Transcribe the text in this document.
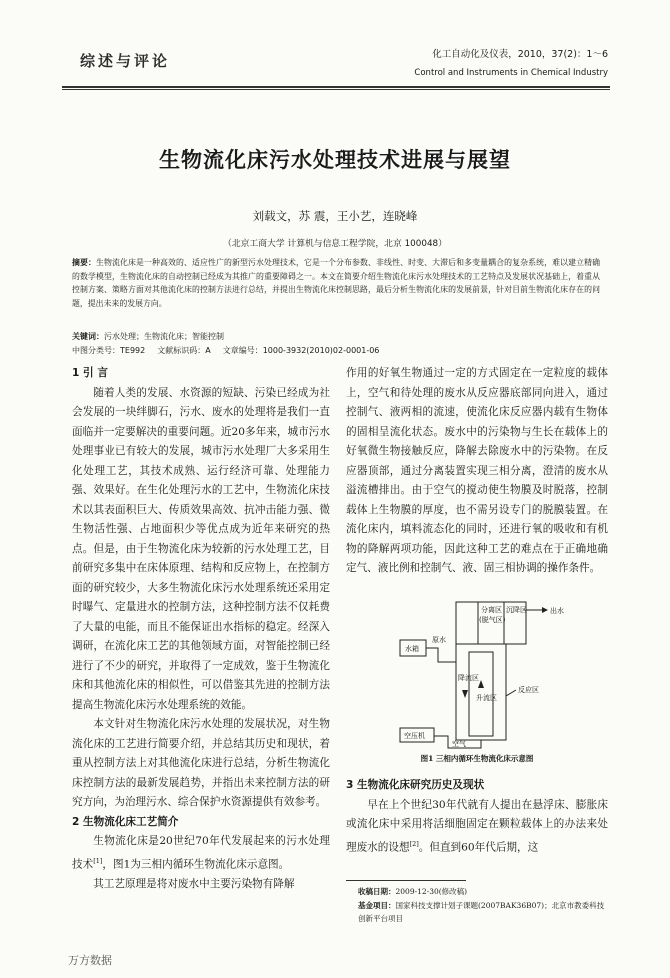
综述与评论	化工自动化及仪表，2010，37(2)：1～6
Control and Instruments in Chemical Industry
生物流化床污水处理技术进展与展望
刘载文，苏 震，王小艺，连晓峰
（北京工商大学 计算机与信息工程学院，北京 100048）
摘要：生物流化床是一种高效的、适应性广的新型污水处理技术，它是一个分布参数、非线性、时变、大滞后和多变量耦合的复杂系统，难以建立精确的数学模型，生物流化床的自动控制已经成为其推广的重要障碍之一。本文在简要介绍生物流化床污水处理技术的工艺特点及发展状况基础上，着重从控制方案、策略方面对其他流化床的控制方法进行总结，并提出生物流化床控制思路，最后分析生物流化床的发展前景，针对目前生物流化床存在的问题，提出未来的发展方向。
关键词：污水处理；生物流化床；智能控制
中图分类号：TE992 文献标识码：A 文章编号：1000-3932(2010)02-0001-06
1 引 言

随着人类的发展、水资源的短缺、污染已经成为社会发展的一块绊脚石，污水、废水的处理将是我们一直面临并一定要解决的重要问题。近20多年来，城市污水处理事业已有较大的发展，城市污水处理厂大多采用生化处理工艺，其技术成熟、运行经济可靠、处理能力强、效果好。在生化处理污水的工艺中，生物流化床技术以其表面积巨大、传质效果高效、抗冲击能力强、微生物活性强、占地面积少等优点成为近年来研究的热点。但是，由于生物流化床为较新的污水处理工艺，目前研究多集中在床体原理、结构和反应物上，在控制方面的研究较少，大多生物流化床污水处理系统还采用定时曝气、定量进水的控制方法，这种控制方法不仅耗费了大量的电能，而且不能保证出水指标的稳定。经深入调研，在流化床工艺的其他领域方面，对智能控制已经进行了不少的研究，并取得了一定成效，鉴于生物流化床和其他流化床的相似性，可以借鉴其先进的控制方法提高生物流化床污水处理系统的效能。

本文针对生物流化床污水处理的发展状况，对生物流化床的工艺进行简要介绍，并总结其历史和现状，着重从控制方法上对其他流化床进行总结，分析生物流化床控制方法的最新发展趋势，并指出未来控制方法的研究方向，为治理污水、综合保护水资源提供有效参考。

2 生物流化床工艺简介

生物流化床是20世纪70年代发展起来的污水处理技术[1]，图1为三相内循环生物流化床示意图。

其工艺原理是将对废水中主要污染物有降解

作用的好氧生物通过一定的方式固定在一定粒度的载体上，空气和待处理的废水从反应器底部同向进入，通过控制气、液两相的流速，使流化床反应器内载有生物体的固相呈流化状态。废水中的污染物与生长在载体上的好氧微生物接触反应，降解去除废水中的污染物。在反应器顶部，通过分离装置实现三相分离，澄清的废水从溢流槽排出。由于空气的搅动使生物膜及时脱落，控制载体上生物膜的厚度，也不需另设专门的脱膜装置。在流化床内，填料流态化的同时，还进行氧的吸收和有机物的降解两项功能，因此这种工艺的难点在于正确地确定气、液比例和控制气、液、固三相协调的操作条件。

水箱
原水
分离区
(脱气区)
沉降区	出水
降流区
升流区
反应区
空压机
空气
图1 三相内循环生物流化床示意图
3 生物流化床研究历史及现状

早在上个世纪30年代就有人提出在悬浮床、膨胀床或流化床中采用将活细胞固定在颗粒载体上的办法来处理废水的设想[2]。但直到60年代后期，这

收稿日期：2009-12-30(修改稿)
基金项目：国家科技支撑计划子课题(2007BAK36B07)；北京市教委科技创新平台项目
万方数据
